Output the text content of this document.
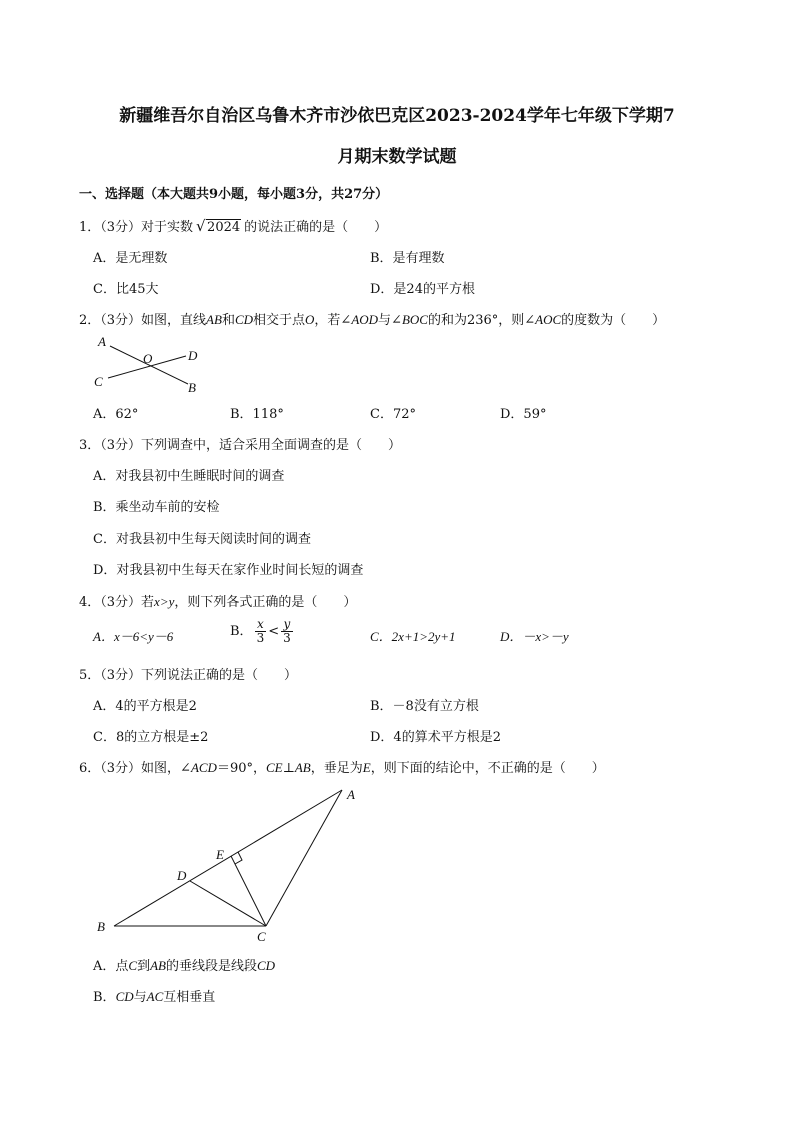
新疆维吾尔自治区乌鲁木齐市沙依巴克区2023-2024学年七年级下学期7
月期末数学试题
一、选择题（本大题共9小题，每小题3分，共27分）
1．（3分）对于实数 √ 2024 的说法正确的是（　　）
A．是无理数	B．是有理数
C．比45大	D．是24的平方根
2．（3分）如图，直线AB和CD相交于点O，若∠AOD与∠BOC的和为236°，则∠AOC的度数为（　　）
A
O	D
C	B
A．62°	B．118°	C．72°	D．59°
3．（3分）下列调查中，适合采用全面调查的是（　　）
A．对我县初中生睡眠时间的调查
B．乘坐动车前的安检
C．对我县初中生每天阅读时间的调查
D．对我县初中生每天在家作业时间长短的调查
4．（3分）若x>y，则下列各式正确的是（　　）
A．x－6<y－6	B． $\frac{x}{3} < \frac{y}{3}$	C．2x+1>2y+1	D．－x>－y
5．（3分）下列说法正确的是（　　）
A．4的平方根是2	B．－8没有立方根
C．8的立方根是±2	D．4的算术平方根是2
6．（3分）如图，∠ACD＝90°，CE⊥AB，垂足为E，则下面的结论中，不正确的是（　　）
A
E
D
B
C
A．点C到AB的垂线段是线段CD
B．CD与AC互相垂直
